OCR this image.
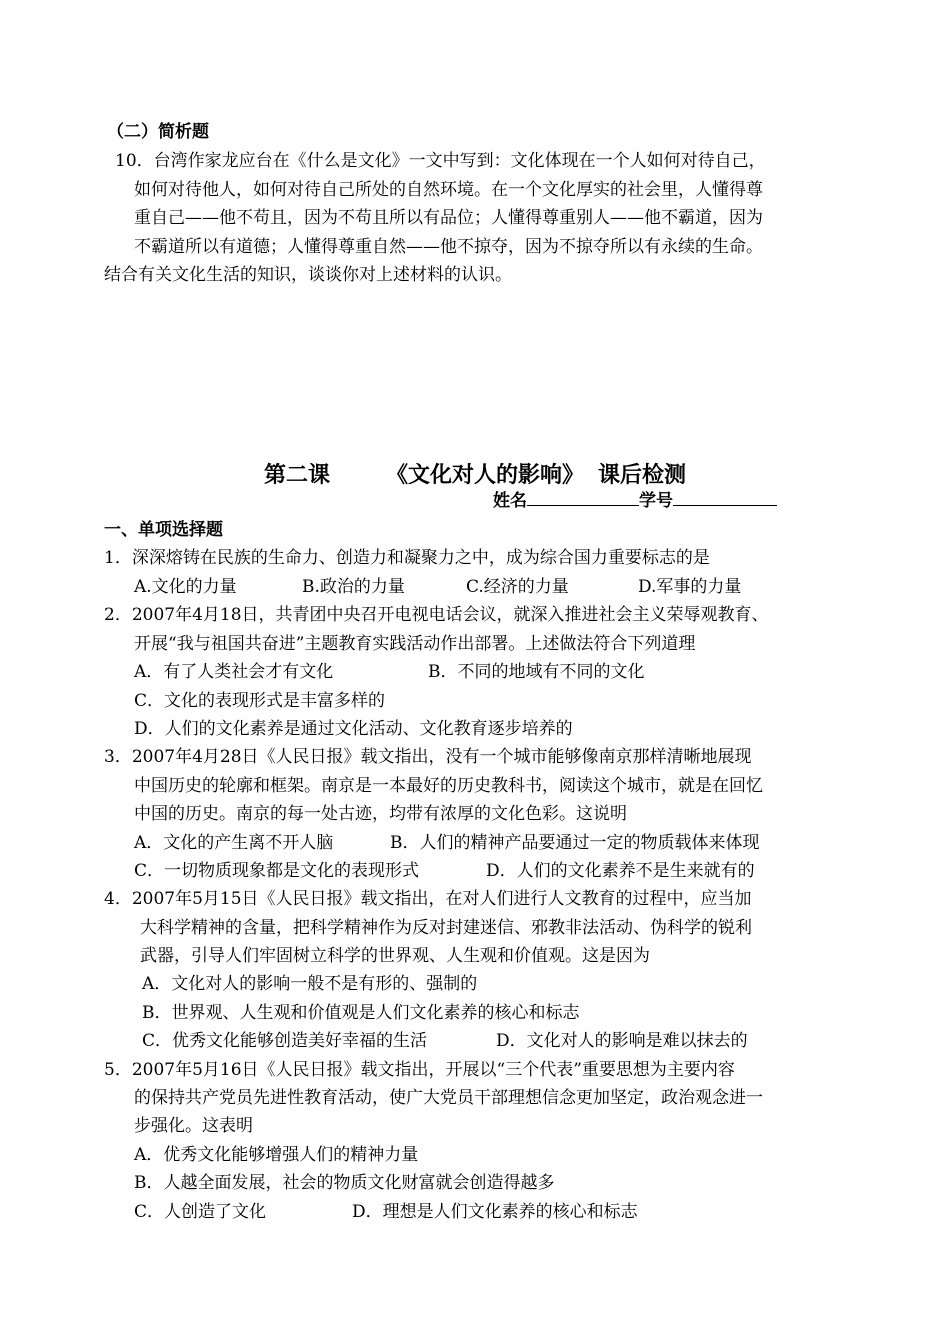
（二）简析题
10．台湾作家龙应台在《什么是文化》一文中写到：文化体现在一个人如何对待自己，
如何对待他人，如何对待自己所处的自然环境。在一个文化厚实的社会里，人懂得尊
重自己——他不苟且，因为不苟且所以有品位；人懂得尊重别人——他不霸道，因为
不霸道所以有道德；人懂得尊重自然——他不掠夺，因为不掠夺所以有永续的生命。
结合有关文化生活的知识，谈谈你对上述材料的认识。
第二课	《文化对人的影响》 课后检测
姓名	学号
一、单项选择题
1．深深熔铸在民族的生命力、创造力和凝聚力之中，成为综合国力重要标志的是
A.文化的力量	B.政治的力量	C.经济的力量	D.军事的力量
2．2007年4月18日，共青团中央召开电视电话会议，就深入推进社会主义荣辱观教育、
开展“我与祖国共奋进”主题教育实践活动作出部署。上述做法符合下列道理
A．有了人类社会才有文化	B．不同的地域有不同的文化
C．文化的表现形式是丰富多样的
D．人们的文化素养是通过文化活动、文化教育逐步培养的
3．2007年4月28日《人民日报》载文指出，没有一个城市能够像南京那样清晰地展现
中国历史的轮廓和框架。南京是一本最好的历史教科书，阅读这个城市，就是在回忆
中国的历史。南京的每一处古迹，均带有浓厚的文化色彩。这说明
A．文化的产生离不开人脑	B．人们的精神产品要通过一定的物质载体来体现
C．一切物质现象都是文化的表现形式	D．人们的文化素养不是生来就有的
4．2007年5月15日《人民日报》载文指出，在对人们进行人文教育的过程中，应当加
大科学精神的含量，把科学精神作为反对封建迷信、邪教非法活动、伪科学的锐利
武器，引导人们牢固树立科学的世界观、人生观和价值观。这是因为
A．文化对人的影响一般不是有形的、强制的
B．世界观、人生观和价值观是人们文化素养的核心和标志
C．优秀文化能够创造美好幸福的生活	D．文化对人的影响是难以抹去的
5．2007年5月16日《人民日报》载文指出，开展以“三个代表”重要思想为主要内容
的保持共产党员先进性教育活动，使广大党员干部理想信念更加坚定，政治观念进一
步强化。这表明
A．优秀文化能够增强人们的精神力量
B．人越全面发展，社会的物质文化财富就会创造得越多
C．人创造了文化	D．理想是人们文化素养的核心和标志
